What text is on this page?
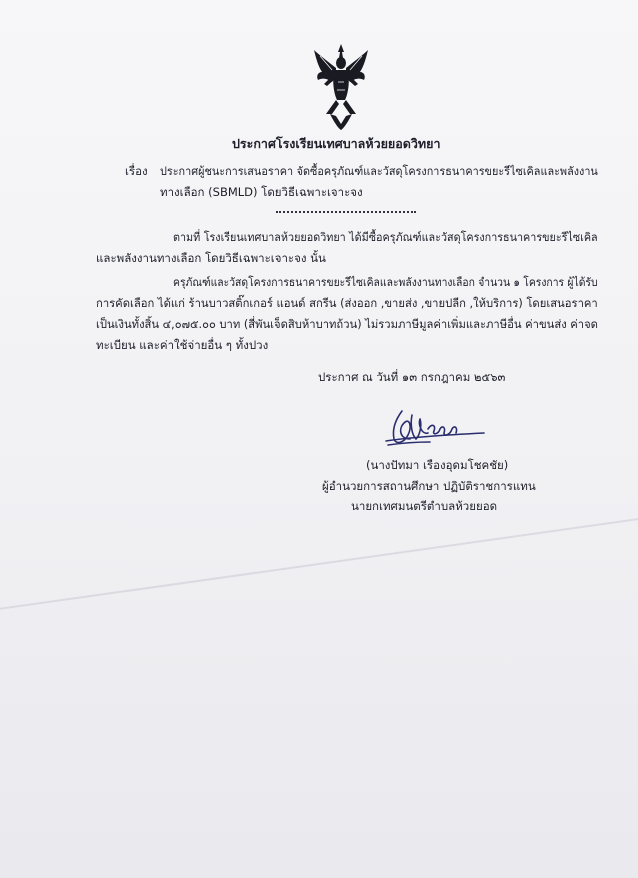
ประกาศโรงเรียนเทศบาลห้วยยอดวิทยา
เรื่อง ประกาศผู้ชนะการเสนอราคา จัดซื้อครุภัณฑ์และวัสดุโครงการธนาคารขยะรีไซเคิลและพลังงาน
ทางเลือก (SBMLD) โดยวิธีเฉพาะเจาะจง
ตามที่ โรงเรียนเทศบาลห้วยยอดวิทยา ได้มีซื้อครุภัณฑ์และวัสดุโครงการธนาคารขยะรีไซเคิล
และพลังงานทางเลือก โดยวิธีเฉพาะเจาะจง นั้น
ครุภัณฑ์และวัสดุโครงการธนาคารขยะรีไซเคิลและพลังงานทางเลือก จำนวน ๑ โครงการ ผู้ได้รับ
การคัดเลือก ได้แก่ ร้านบาวสติ๊กเกอร์ แอนด์ สกรีน (ส่งออก ,ขายส่ง ,ขายปลีก ,ให้บริการ) โดยเสนอราคา
เป็นเงินทั้งสิ้น ๔,๐๗๕.๐๐ บาท (สี่พันเจ็ดสิบห้าบาทถ้วน) ไม่รวมภาษีมูลค่าเพิ่มและภาษีอื่น ค่าขนส่ง ค่าจด
ทะเบียน และค่าใช้จ่ายอื่น ๆ ทั้งปวง
ประกาศ ณ วันที่ ๑๓ กรกฎาคม ๒๕๖๓
(นางปัทมา เรืองอุดมโชคชัย)
ผู้อำนวยการสถานศึกษา ปฏิบัติราชการแทน
นายกเทศมนตรีตำบลห้วยยอด
